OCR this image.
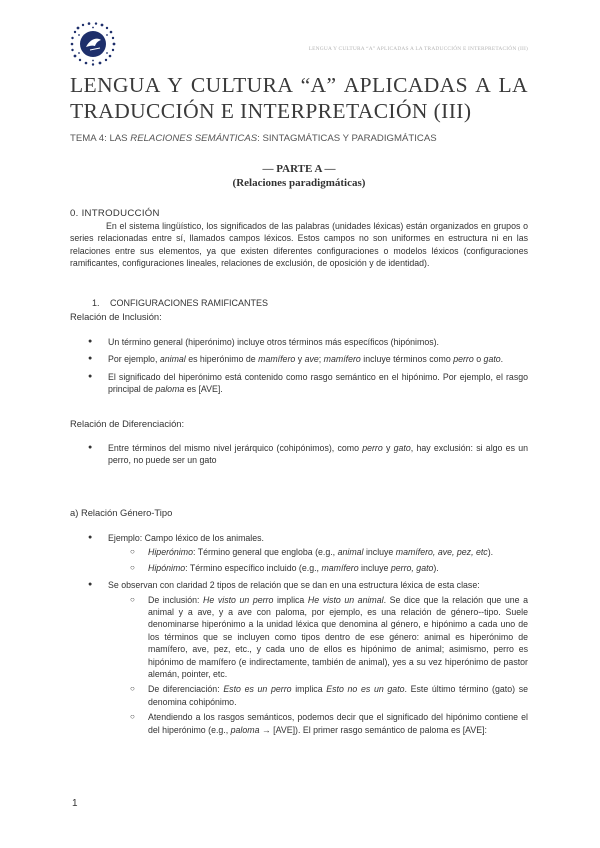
LENGUA Y CULTURA “A” APLICADAS A LA TRADUCCIÓN E INTERPRETACIÓN (III)
LENGUA Y CULTURA “A” APLICADAS A LA TRADUCCIÓN E INTERPRETACIÓN (III)
TEMA 4: LAS RELACIONES SEMÁNTICAS: SINTAGMÁTICAS Y PARADIGMÁTICAS
— PARTE A —
(Relaciones paradigmáticas)
0. INTRODUCCIÓN

En el sistema lingüístico, los significados de las palabras (unidades léxicas) están organizados en grupos o series relacionadas entre sí, llamados campos léxicos. Estos campos no son uniformes en estructura ni en las relaciones entre sus elementos, ya que existen diferentes configuraciones o modelos léxicos (configuraciones ramificantes, configuraciones lineales, relaciones de exclusión, de oposición y de identidad).

1. CONFIGURACIONES RAMIFICANTES
Relación de Inclusión:
● Un término general (hiperónimo) incluye otros términos más específicos (hipónimos).
● Por ejemplo, animal es hiperónimo de mamífero y ave; mamífero incluye términos como perro o gato.
● El significado del hiperónimo está contenido como rasgo semántico en el hipónimo. Por ejemplo, el rasgo principal de paloma es [AVE].
Relación de Diferenciación:
● Entre términos del mismo nivel jerárquico (cohipónimos), como perro y gato, hay exclusión: si algo es un perro, no puede ser un gato
a) Relación Género-Tipo
● Ejemplo: Campo léxico de los animales.
○ Hiperónimo: Término general que engloba (e.g., animal incluye mamífero, ave, pez, etc).
○ Hipónimo: Término específico incluido (e.g., mamífero incluye perro, gato).
● Se observan con claridad 2 tipos de relación que se dan en una estructura léxica de esta clase:
○ De inclusión: He visto un perro implica He visto un animal. Se dice que la relación que une a animal y a ave, y a ave con paloma, por ejemplo, es una relación de género--tipo. Suele denominarse hiperónimo a la unidad léxica que denomina al género, e hipónimo a cada uno de los términos que se incluyen como tipos dentro de ese género: animal es hiperónimo de mamífero, ave, pez, etc., y cada uno de ellos es hipónimo de animal; asimismo, perro es hipónimo de mamífero (e indirectamente, también de animal), yes a su vez hiperónimo de pastor alemán, pointer, etc.
○ De diferenciación: Esto es un perro implica Esto no es un gato. Este último término (gato) se denomina cohipónimo.
○ Atendiendo a los rasgos semánticos, podemos decir que el significado del hipónimo contiene el del hiperónimo (e.g., paloma → [AVE]). El primer rasgo semántico de paloma es [AVE]:
1
